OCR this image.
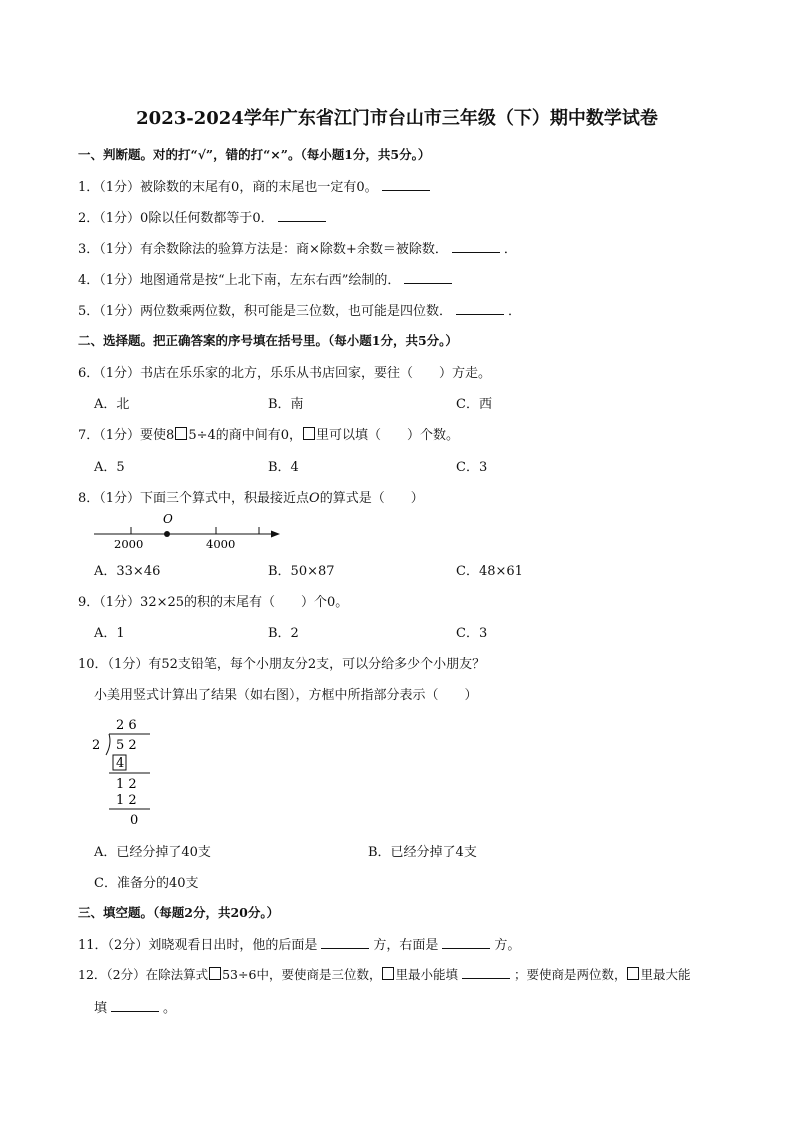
2023-2024学年广东省江门市台山市三年级（下）期中数学试卷
一、判断题。对的打“√”，错的打“×”。（每小题1分，共5分。）
1．（1分）被除数的末尾有0，商的末尾也一定有0。
2．（1分）0除以任何数都等于0．
3．（1分）有余数除法的验算方法是：商×除数+余数＝被除数．	．
4．（1分）地图通常是按“上北下南，左东右西”绘制的．
5．（1分）两位数乘两位数，积可能是三位数，也可能是四位数．	．
二、选择题。把正确答案的序号填在括号里。（每小题1分，共5分。）
6．（1分）书店在乐乐家的北方，乐乐从书店回家，要往（　　）方走。
A．北	B．南	C．西
7．（1分）要使8 5÷4的商中间有0， 里可以填（　　）个数。
A．5	B．4	C．3
8．（1分）下面三个算式中，积最接近点O的算式是（　　）
O
2000	4000
A．33×46	B．50×87	C．48×61
9．（1分）32×25的积的末尾有（　　）个0。
A．1	B．2	C．3
10．（1分）有52支铅笔，每个小朋友分2支，可以分给多少个小朋友？
小美用竖式计算出了结果（如右图），方框中所指部分表示（　　）
2 6
2 5 2
4
1 2
1 2
0
A．已经分掉了40支	B．已经分掉了4支
C．准备分的40支
三、填空题。（每题2分，共20分。）
11．（2分）刘晓观看日出时，他的后面是	方，右面是	方。
12．（2分）在除法算式 53÷6中，要使商是三位数， 里最小能填	；要使商是两位数， 里最大能
填	。
